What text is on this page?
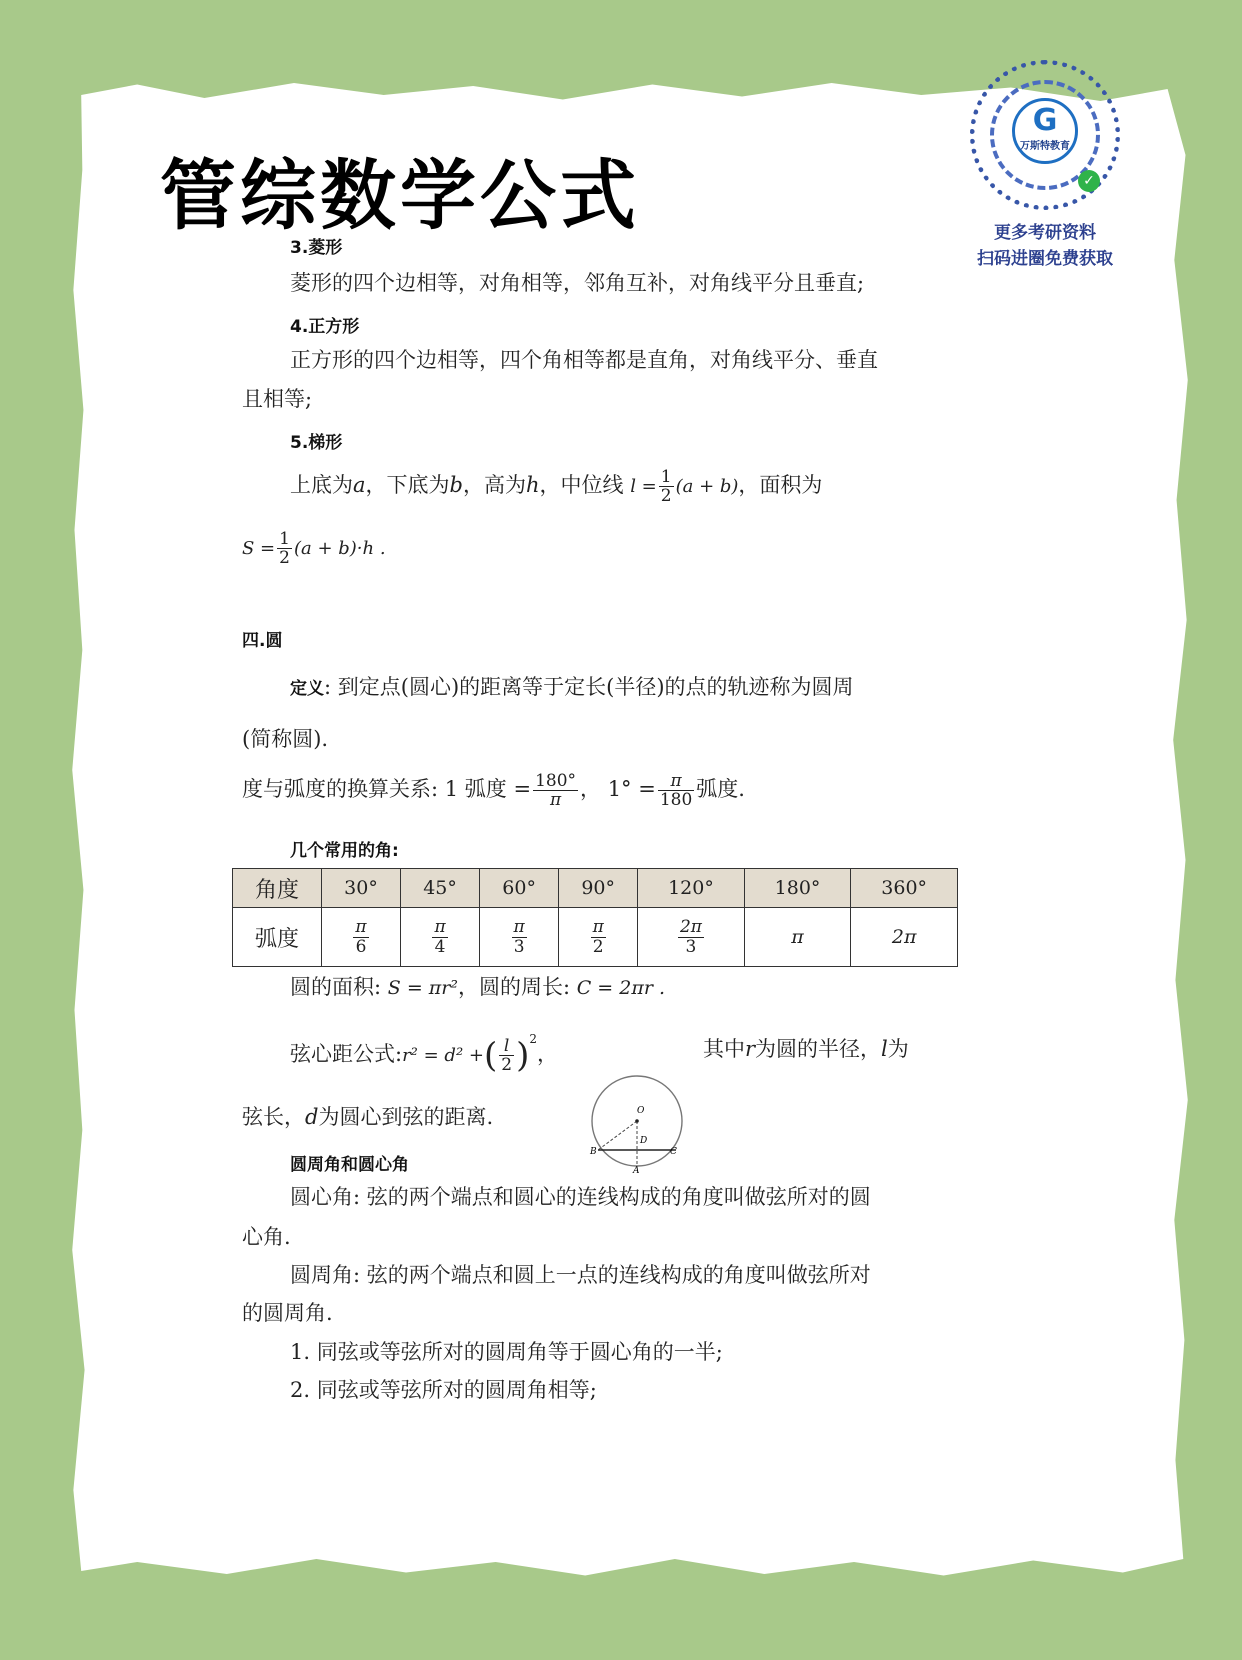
管综数学公式
G
万斯特教育
✓
更多考研资料
扫码进圈免费获取
3.菱形
菱形的四个边相等，对角相等，邻角互补，对角线平分且垂直;
4.正方形
正方形的四个边相等，四个角相等都是直角，对角线平分、垂直
且相等;
5.梯形
上底为a，下底为b，高为h，中位线 $l = \frac{1}{2} (a + b)$，面积为
$S = \frac{1}{2} (a + b)\cdot h$ .
四.圆
定义: 到定点(圆心)的距离等于定长(半径)的点的轨迹称为圆周
(简称圆).
度与弧度的换算关系: 1 弧度 = $\frac{180^\circ}{\pi}$ ， $1^\circ = \frac{\pi}{180}$ 弧度.
几个常用的角:
角度	30°	45°	60°	90°	120°	180°	360°
弧度	$\frac{\pi}{6}$	$\frac{\pi}{4}$	$\frac{\pi}{3}$	$\frac{\pi}{2}$	$\frac{2\pi}{3}$	π	2π
圆的面积: S = πr²，圆的周长: C = 2πr .
弦心距公式:r² = d² +( $\frac{l}{2} )^2$，	其中r为圆的半径，l为
弦长，d为圆心到弦的距离.	O
D
B	C
A
圆周角和圆心角
圆心角: 弦的两个端点和圆心的连线构成的角度叫做弦所对的圆
心角.
圆周角: 弦的两个端点和圆上一点的连线构成的角度叫做弦所对
的圆周角.
1. 同弦或等弦所对的圆周角等于圆心角的一半;
2. 同弦或等弦所对的圆周角相等;
